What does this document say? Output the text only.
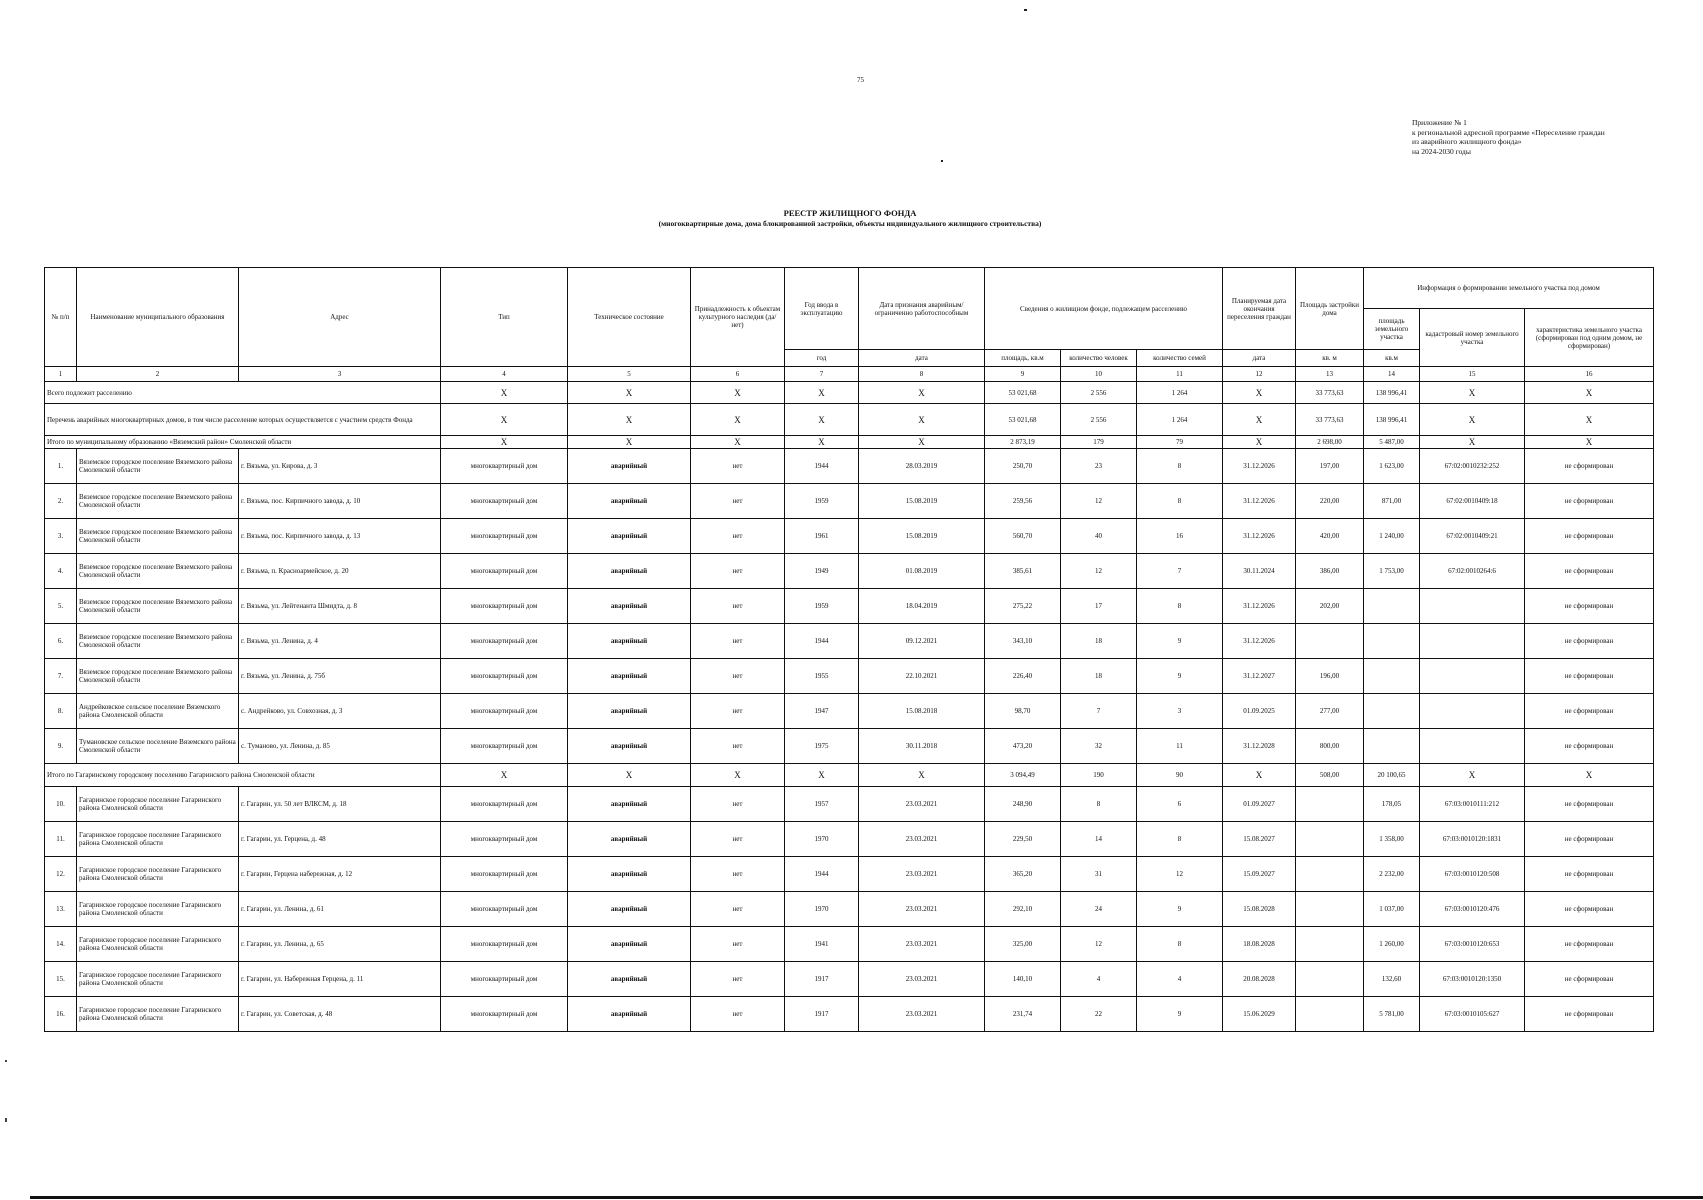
75
Приложение № 1
к региональной адресной программе «Переселение граждан
из аварийного жилищного фонда»
на 2024-2030 годы
РЕЕСТР ЖИЛИЩНОГО ФОНДА
(многоквартирные дома, дома блокированной застройки, объекты индивидуального жилищного строительства)
№ п/п	Наименование муниципального образования	Адрес	Тип	Техническое состояние	Принадлежность к объектам культурного наследия (да/нет)	Год ввода в эксплуатацию	Дата признания аварийным/ограниченно работоспособным	Сведения о жилищном фонде, подлежащем расселению			Планируемая дата окончания переселения граждан	Площадь застройки дома	Информация о формировании земельного участка под домом		
													площадь земельного участка	кадастровый номер земельного участка	характеристика земельного участка (сформирован под одним домом, не сформирован)
						год	дата	площадь, кв.м	количество человек	количество семей	дата	кв. м	кв.м		
1	2	3	4	5	6	7	8	9	10	11	12	13	14	15	16
Всего подлежит расселению			X	X	X	X	X	53 021,68	2 556	1 264	X	33 773,63	138 996,41	X	X
Перечень аварийных многоквартирных домов, в том числе расселение которых осуществляется с участием средств Фонда			X	X	X	X	X	53 021,68	2 556	1 264	X	33 773,63	138 996,41	X	X
Итого по муниципальному образованию «Вяземский район» Смоленской области			X	X	X	X	X	2 873,19	179	79	X	2 698,00	5 487,00	X	X
1.	Вяземское городское поселение Вяземского района Смоленской области	г. Вязьма, ул. Кирова, д. 3	многоквартирный дом	аварийный	нет	1944	28.03.2019	250,70	23	8	31.12.2026	197,00	1 623,00	67:02:0010232:252	не сформирован
2.	Вяземское городское поселение Вяземского района Смоленской области	г. Вязьма, пос. Кирпичного завода, д. 10	многоквартирный дом	аварийный	нет	1959	15.08.2019	259,56	12	8	31.12.2026	220,00	871,00	67:02:0010409:18	не сформирован
3.	Вяземское городское поселение Вяземского района Смоленской области	г. Вязьма, пос. Кирпичного завода, д. 13	многоквартирный дом	аварийный	нет	1961	15.08.2019	560,70	40	16	31.12.2026	420,00	1 240,00	67:02:0010409:21	не сформирован
4.	Вяземское городское поселение Вяземского района Смоленской области	г. Вязьма, п. Красноармейское, д. 20	многоквартирный дом	аварийный	нет	1949	01.08.2019	385,61	12	7	30.11.2024	386,00	1 753,00	67:02:0010264:6	не сформирован
5.	Вяземское городское поселение Вяземского района Смоленской области	г. Вязьма, ул. Лейтенанта Шмидта, д. 8	многоквартирный дом	аварийный	нет	1959	18.04.2019	275,22	17	8	31.12.2026	202,00			не сформирован
6.	Вяземское городское поселение Вяземского района Смоленской области	г. Вязьма, ул. Ленина, д. 4	многоквартирный дом	аварийный	нет	1944	09.12.2021	343,10	18	9	31.12.2026				не сформирован
7.	Вяземское городское поселение Вяземского района Смоленской области	г. Вязьма, ул. Ленина, д. 75б	многоквартирный дом	аварийный	нет	1955	22.10.2021	226,40	18	9	31.12.2027	196,00			не сформирован
8.	Андрейковское сельское поселение Вяземского района Смоленской области	с. Андрейково, ул. Совхозная, д. 3	многоквартирный дом	аварийный	нет	1947	15.08.2018	98,70	7	3	01.09.2025	277,00			не сформирован
9.	Тумановское сельское поселение Вяземского района Смоленской области	с. Туманово, ул. Ленина, д. 85	многоквартирный дом	аварийный	нет	1975	30.11.2018	473,20	32	11	31.12.2028	800,00			не сформирован
Итого по Гагаринскому городскому поселению Гагаринского района Смоленской области			X	X	X	X	X	3 094,49	190	90	X	508,00	20 100,65	X	X
10.	Гагаринское городское поселение Гагаринского района Смоленской области	г. Гагарин, ул. 50 лет ВЛКСМ, д. 18	многоквартирный дом	аварийный	нет	1957	23.03.2021	248,90	8	6	01.09.2027		178,05	67:03:0010111:212	не сформирован
11.	Гагаринское городское поселение Гагаринского района Смоленской области	г. Гагарин, ул. Герцена, д. 48	многоквартирный дом	аварийный	нет	1970	23.03.2021	229,50	14	8	15.08.2027		1 358,00	67:03:0010120:1831	не сформирован
12.	Гагаринское городское поселение Гагаринского района Смоленской области	г. Гагарин, Герцена набережная, д. 12	многоквартирный дом	аварийный	нет	1944	23.03.2021	365,20	31	12	15.09.2027		2 232,00	67:03:0010120:508	не сформирован
13.	Гагаринское городское поселение Гагаринского района Смоленской области	г. Гагарин, ул. Ленина, д. 61	многоквартирный дом	аварийный	нет	1970	23.03.2021	292,10	24	9	15.08.2028		1 037,00	67:03:0010120:476	не сформирован
14.	Гагаринское городское поселение Гагаринского района Смоленской области	г. Гагарин, ул. Ленина, д. 65	многоквартирный дом	аварийный	нет	1941	23.03.2021	325,00	12	8	18.08.2028		1 260,00	67:03:0010120:653	не сформирован
15.	Гагаринское городское поселение Гагаринского района Смоленской области	г. Гагарин, ул. Набережная Герцена, д. 11	многоквартирный дом	аварийный	нет	1917	23.03.2021	140,10	4	4	20.08.2028		132,60	67:03:0010120:1350	не сформирован
16.	Гагаринское городское поселение Гагаринского района Смоленской области	г. Гагарин, ул. Советская, д. 48	многоквартирный дом	аварийный	нет	1917	23.03.2021	231,74	22	9	15.06.2029		5 781,00	67:03:0010105:627	не сформирован
